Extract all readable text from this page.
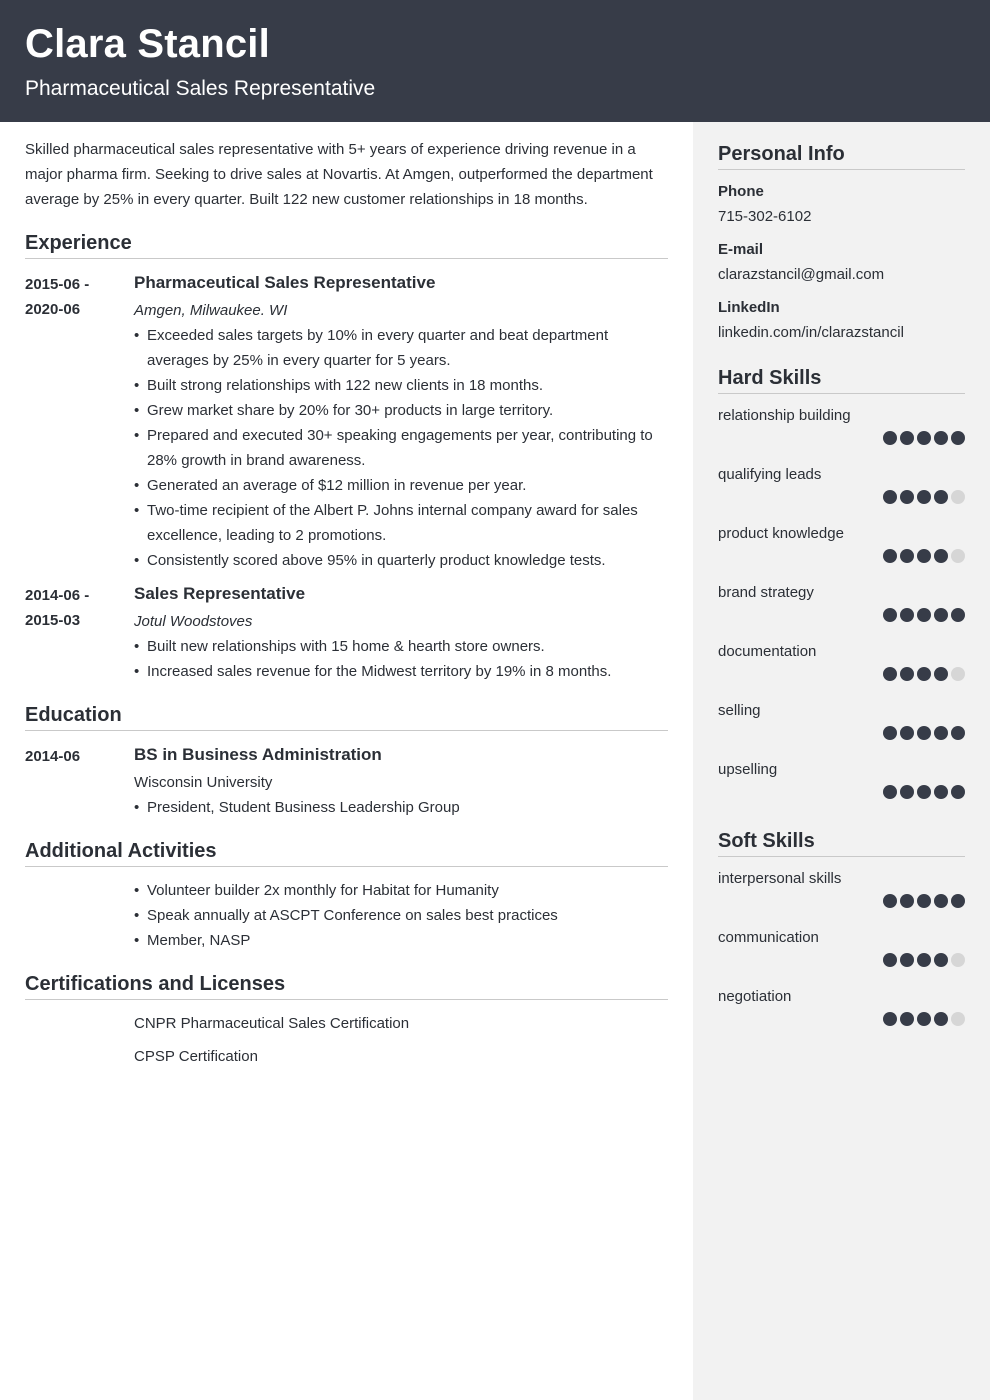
Clara Stancil
Pharmaceutical Sales Representative

Skilled pharmaceutical sales representative with 5+ years of experience driving revenue in a major pharma firm. Seeking to drive sales at Novartis. At Amgen, outperformed the department average by 25% in every quarter. Built 122 new customer relationships in 18 months.

Experience
2015-06 -
2020-06
Pharmaceutical Sales Representative
Amgen, Milwaukee. WI
• Exceeded sales targets by 10% in every quarter and beat department averages by 25% in every quarter for 5 years.
• Built strong relationships with 122 new clients in 18 months.
• Grew market share by 20% for 30+ products in large territory.
• Prepared and executed 30+ speaking engagements per year, contributing to 28% growth in brand awareness.
• Generated an average of $12 million in revenue per year.
• Two-time recipient of the Albert P. Johns internal company award for sales excellence, leading to 2 promotions.
• Consistently scored above 95% in quarterly product knowledge tests.
2014-06 -
2015-03
Sales Representative
Jotul Woodstoves
• Built new relationships with 15 home & hearth store owners.
• Increased sales revenue for the Midwest territory by 19% in 8 months.
Education
2014-06	BS in Business Administration
Wisconsin University
• President, Student Business Leadership Group
Additional Activities
• Volunteer builder 2x monthly for Habitat for Humanity
• Speak annually at ASCPT Conference on sales best practices
• Member, NASP
Certifications and Licenses
CNPR Pharmaceutical Sales Certification
CPSP Certification
Personal Info
Phone
715-302-6102
E-mail
clarazstancil@gmail.com
LinkedIn
linkedin.com/in/clarazstancil
Hard Skills
relationship building
qualifying leads
product knowledge
brand strategy
documentation
selling
upselling
Soft Skills
interpersonal skills
communication
negotiation
